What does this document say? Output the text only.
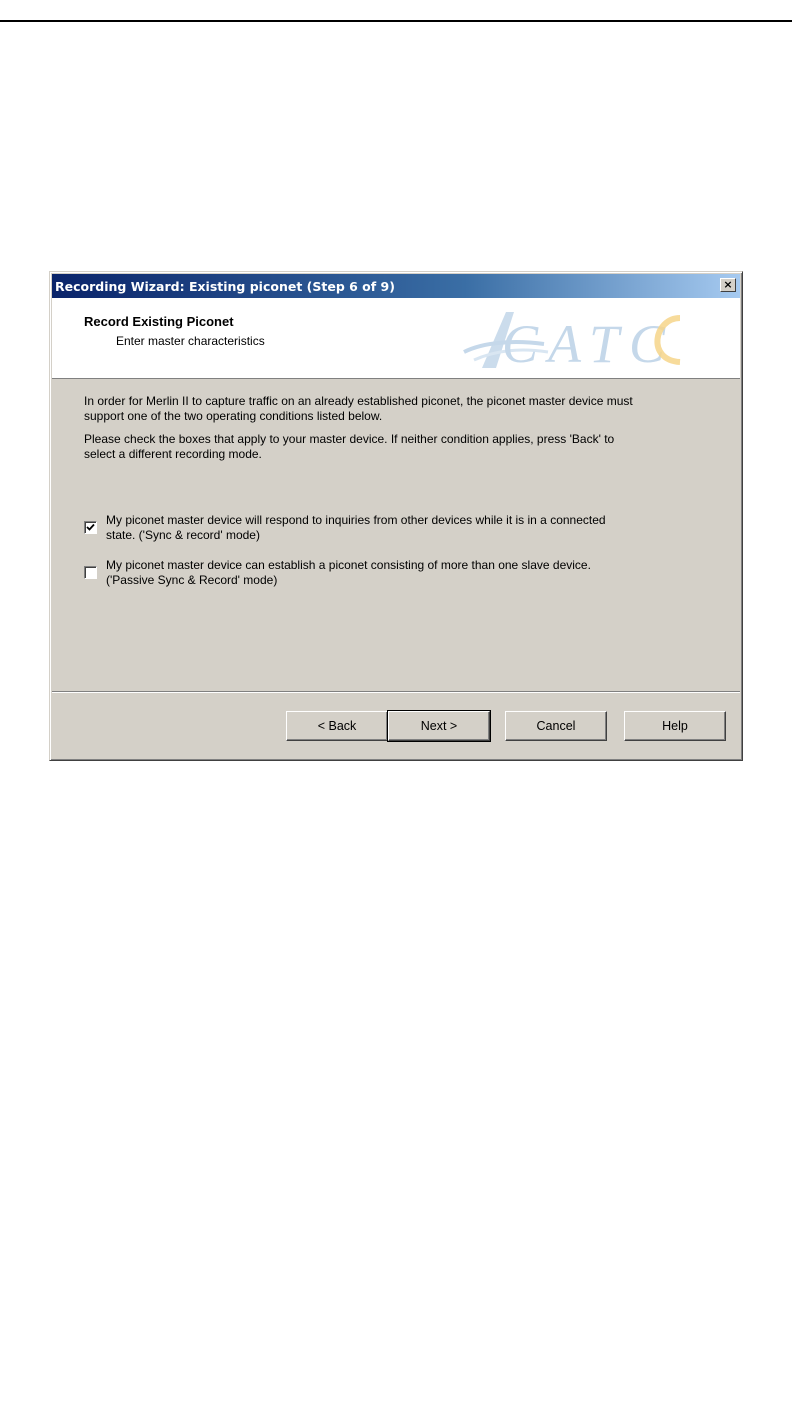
Recording Wizard: Existing piconet (Step 6 of 9)	×
Record Existing Piconet
Enter master characteristics	CATC

In order for Merlin II to capture traffic on an already established piconet, the piconet master device must support one of the two operating conditions listed below.

Please check the boxes that apply to your master device. If neither condition applies, press 'Back' to select a different recording mode.

My piconet master device will respond to inquiries from other devices while it is in a connected state. ('Sync & record' mode)
My piconet master device can establish a piconet consisting of more than one slave device. ('Passive Sync & Record' mode)
< Back	Next >	Cancel	Help
